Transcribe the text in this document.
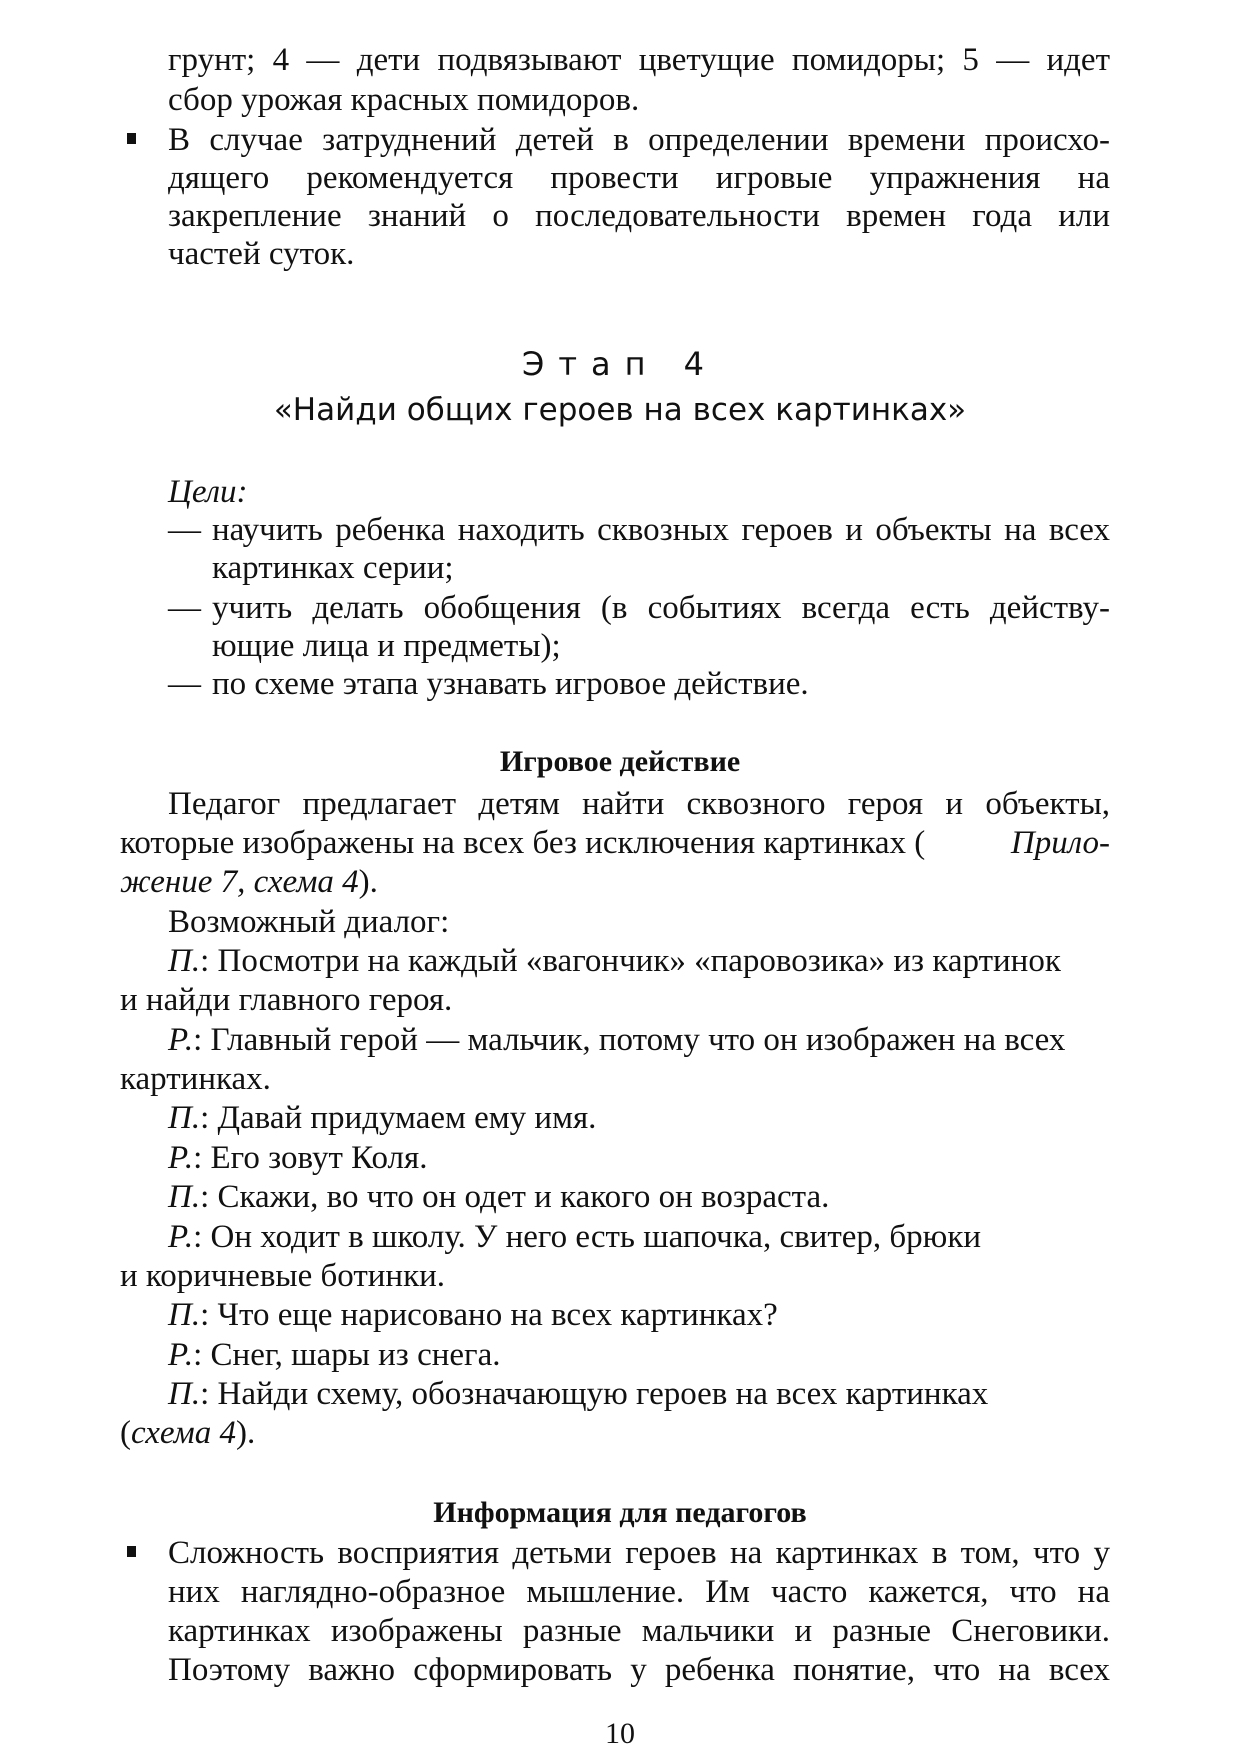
грунт; 4 — дети подвязывают цветущие помидоры; 5 — идет
сбор урожая красных помидоров.
В случае затруднений детей в определении времени происхо-
дящего рекомендуется провести игровые упражнения на
закрепление знаний о последовательности времен года или
частей суток.
Этап 4
«Найди общих героев на всех картинках»
Цели:
— научить ребенка находить сквозных героев и объекты на всех
картинках серии;
— учить делать обобщения (в событиях всегда есть действу-
ющие лица и предметы);
— по схеме этапа узнавать игровое действие.
Игровое действие
Педагог предлагает детям найти сквозного героя и объекты,
которые изображены на всех без исключения картинках (	Прило-
жение 7, схема 4).
Возможный диалог:
П. : Посмотри на каждый «вагончик» «паровозика» из картинок
и найди главного героя.
Р. : Главный герой — мальчик, потому что он изображен на всех
картинках.
П.: Давай придумаем ему имя.
Р.: Его зовут Коля.
П.: Скажи, во что он одет и какого он возраста.
Р. : Он ходит в школу. У него есть шапочка, свитер, брюки
и коричневые ботинки.
П.: Что еще нарисовано на всех картинках?
Р.: Снег, шары из снега.
П. : Найди схему, обозначающую героев на всех картинках
(схема 4).
Информация для педагогов
Сложность восприятия детьми героев на картинках в том, что у
них наглядно-образное мышление. Им часто кажется, что на
картинках изображены разные мальчики и разные Снеговики.
Поэтому важно сформировать у ребенка понятие, что на всех
10
